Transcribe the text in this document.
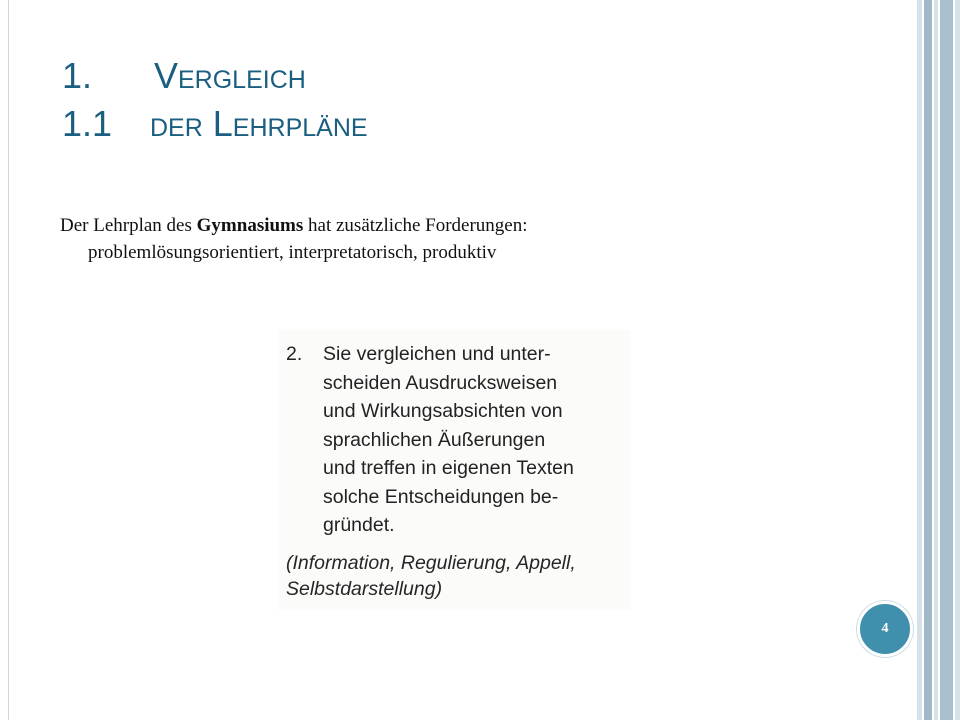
1.	Vergleich
1.1	der Lehrpläne
Der Lehrplan des Gymnasiums hat zusätzliche Forderungen:
problemlösungsorientiert, interpretatorisch, produktiv
2.	Sie vergleichen und unter-
scheiden Ausdrucksweisen
und Wirkungsabsichten von
sprachlichen Äußerungen
und treffen in eigenen Texten
solche Entscheidungen be-
gründet.
(Information, Regulierung, Appell,
Selbstdarstellung)
4
